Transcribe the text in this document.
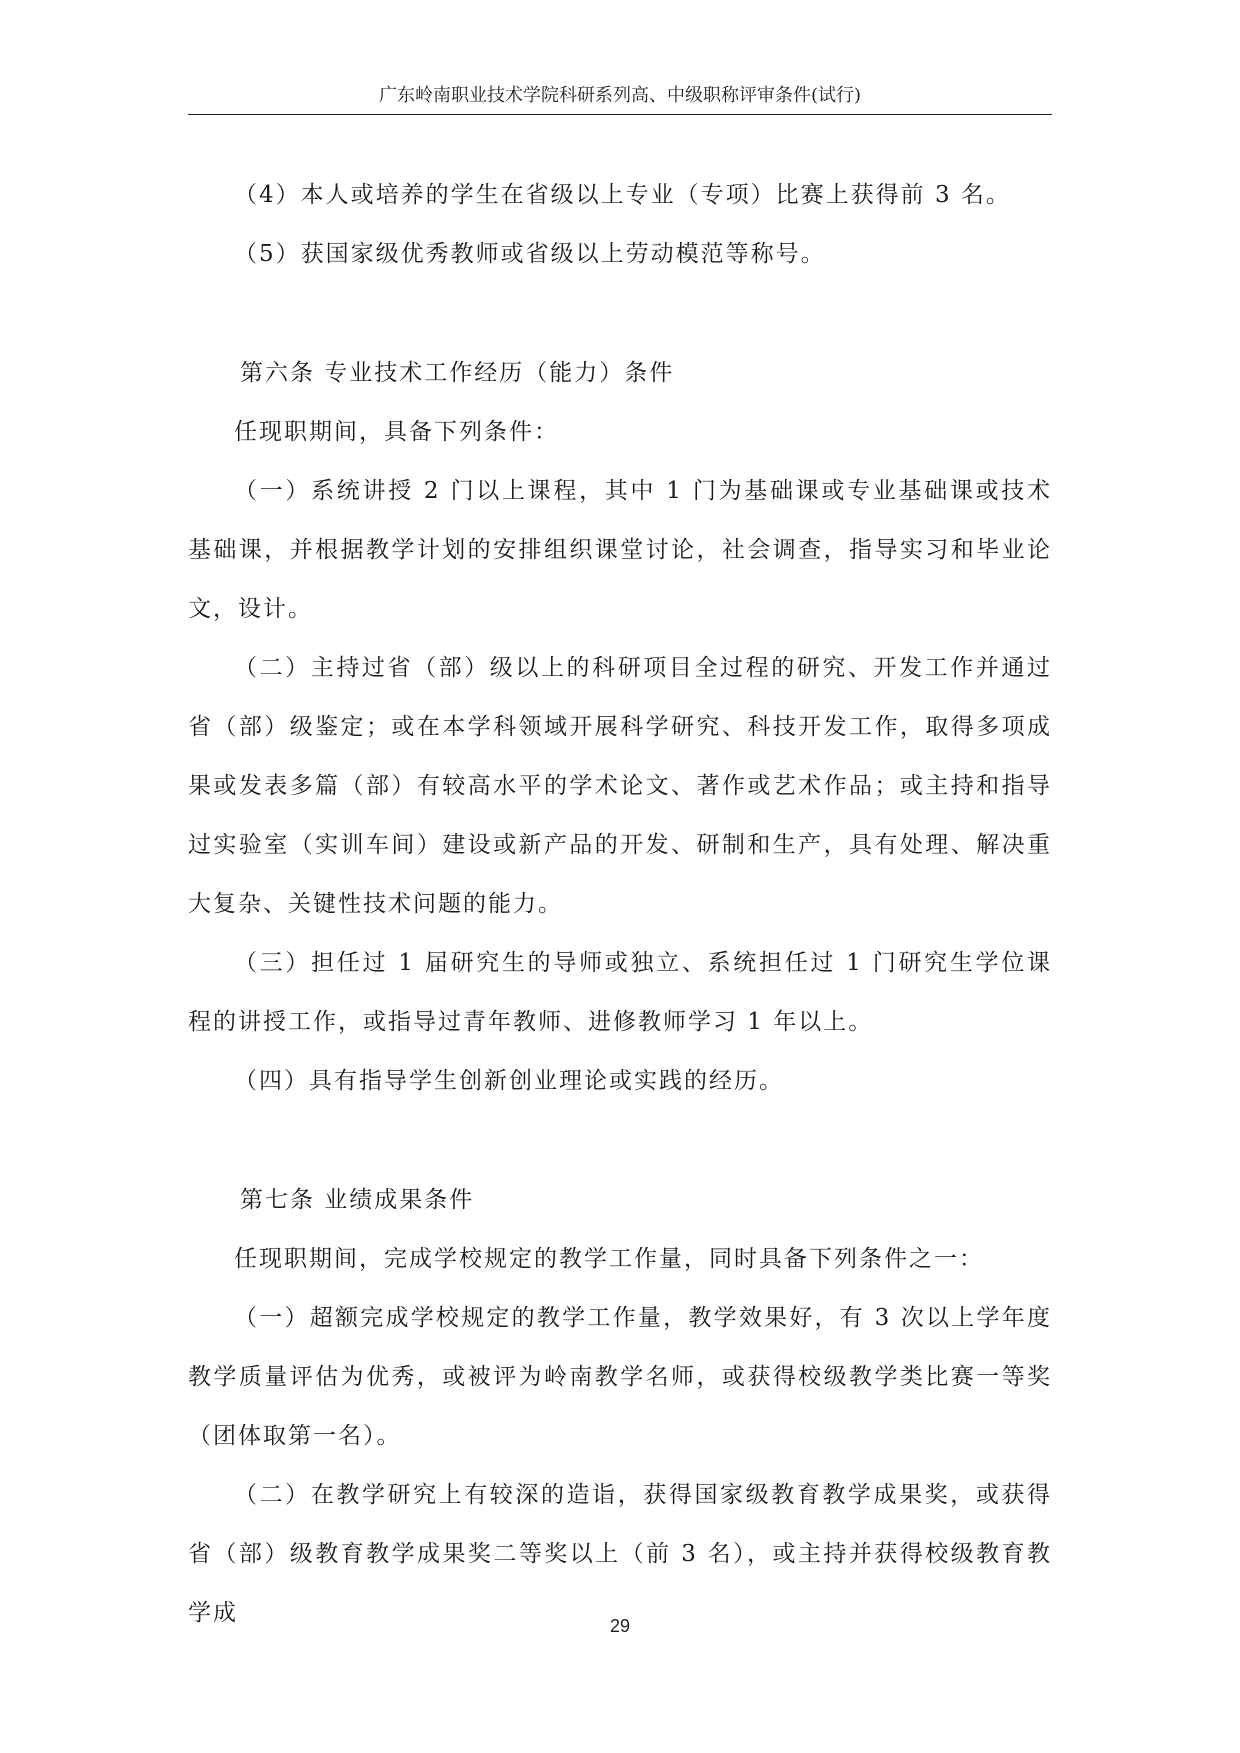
广东岭南职业技术学院科研系列高、中级职称评审条件(试行)

（4）本人或培养的学生在省级以上专业（专项）比赛上获得前 3 名。

（5）获国家级优秀教师或省级以上劳动模范等称号。

第六条 专业技术工作经历（能力）条件

任现职期间，具备下列条件：

（一）系统讲授 2 门以上课程，其中 1 门为基础课或专业基础课或技术基础课，并根据教学计划的安排组织课堂讨论，社会调查，指导实习和毕业论文，设计。

（二）主持过省（部）级以上的科研项目全过程的研究、开发工作并通过省（部）级鉴定；或在本学科领域开展科学研究、科技开发工作，取得多项成果或发表多篇（部）有较高水平的学术论文、著作或艺术作品；或主持和指导过实验室（实训车间）建设或新产品的开发、研制和生产，具有处理、解决重大复杂、关键性技术问题的能力。

（三）担任过 1 届研究生的导师或独立、系统担任过 1 门研究生学位课程的讲授工作，或指导过青年教师、进修教师学习 1 年以上。

（四）具有指导学生创新创业理论或实践的经历。

第七条 业绩成果条件

任现职期间，完成学校规定的教学工作量，同时具备下列条件之一：

（一）超额完成学校规定的教学工作量，教学效果好，有 3 次以上学年度教学质量评估为优秀，或被评为岭南教学名师，或获得校级教学类比赛一等奖（团体取第一名）。

（二）在教学研究上有较深的造诣，获得国家级教育教学成果奖，或获得省（部）级教育教学成果奖二等奖以上（前 3 名），或主持并获得校级教育教学成	29
